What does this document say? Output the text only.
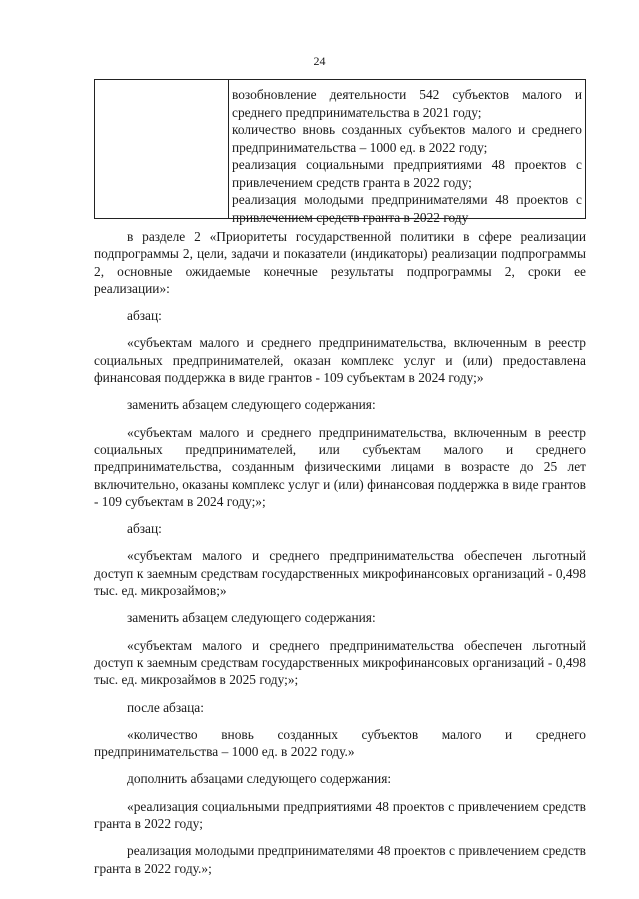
24

возобновление деятельности 542 субъектов малого и среднего предпринимательства в 2021 году;

количество вновь созданных субъектов малого и среднего предпринимательства – 1000 ед. в 2022 году;

реализация социальными предприятиями 48 проектов с привлечением средств гранта в 2022 году;

реализация молодыми предпринимателями 48 проектов с привлечением средств гранта в 2022 году

в разделе 2 «Приоритеты государственной политики в сфере реализации подпрограммы 2, цели, задачи и показатели (индикаторы) реализации подпрограммы 2, основные ожидаемые конечные результаты подпрограммы 2, сроки ее реализации»:

абзац:

«субъектам малого и среднего предпринимательства, включенным в реестр социальных предпринимателей, оказан комплекс услуг и (или) предоставлена финансовая поддержка в виде грантов - 109 субъектам в 2024 году;»

заменить абзацем следующего содержания:

«субъектам малого и среднего предпринимательства, включенным в реестр социальных предпринимателей, или субъектам малого и среднего предпринимательства, созданным физическими лицами в возрасте до 25 лет включительно, оказаны комплекс услуг и (или) финансовая поддержка в виде грантов - 109 субъектам в 2024 году;»;

абзац:

«субъектам малого и среднего предпринимательства обеспечен льготный доступ к заемным средствам государственных микрофинансовых организаций - 0,498 тыс. ед. микрозаймов;»

заменить абзацем следующего содержания:

«субъектам малого и среднего предпринимательства обеспечен льготный доступ к заемным средствам государственных микрофинансовых организаций - 0,498 тыс. ед. микрозаймов в 2025 году;»;

после абзаца:

«количество вновь созданных субъектов малого и среднего предпринимательства – 1000 ед. в 2022 году.»

дополнить абзацами следующего содержания:

«реализация социальными предприятиями 48 проектов с привлечением средств гранта в 2022 году;

реализация молодыми предпринимателями 48 проектов с привлечением средств гранта в 2022 году.»;
